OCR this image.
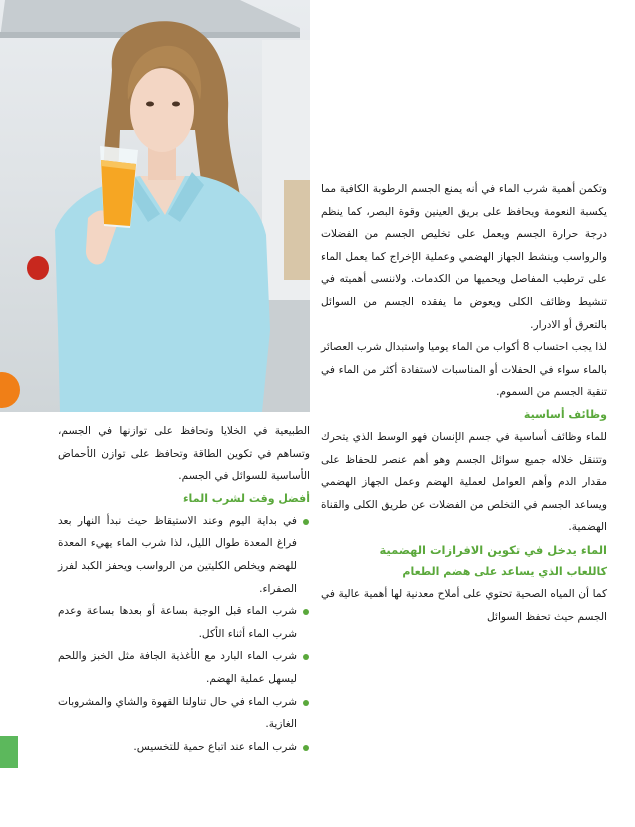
وتكمن أهمية شرب الماء في أنه يمنع الجسم الرطوبة الكافية مما يكسبة النعومة ويحافظ على بريق العينين وقوة البصر، كما ينظم درجة حرارة الجسم ويعمل على تخليص الجسم من الفضلات والرواسب وينشط الجهاز الهضمي وعملية الإخراج كما يعمل الماء على ترطيب المفاصل ويحميها من الكدمات. ولاننسى أهميته في تنشيط وظائف الكلى ويعوض ما يفقده الجسم من السوائل بالتعرق أو الادرار.

لذا يجب احتساب 8 أكواب من الماء يوميا واستبدال شرب العصائر بالماء سواء في الحفلات أو المناسبات لاستفادة أكثر من الماء في تنقية الجسم من السموم.

وظائف أساسية

للماء وظائف أساسية في جسم الإنسان فهو الوسط الذي يتحرك وتتنقل خلاله جميع سوائل الجسم وهو أهم عنصر للحفاظ على مقدار الدم وأهم العوامل لعملية الهضم وعمل الجهاز الهضمي ويساعد الجسم في التخلص من الفضلات عن طريق الكلى والقناة الهضمية.

الماء يدخل في تكوين الافرازات الهضمية
كاللعاب الذي يساعد على هضم الطعام

كما أن المياه الصحية تحتوي على أملاح معدنية لها أهمية عالية في الجسم حيث تحفظ السوائل

الطبيعية في الخلايا وتحافظ على توازنها في الجسم، وتساهم في تكوين الطاقة وتحافظ على توازن الأحماض الأساسية للسوائل في الجسم.

أفضل وقت لشرب الماء
في بداية اليوم وعند الاستيقاظ حيث نبدأ النهار بعد فراغ المعدة طوال الليل، لذا شرب الماء يهيء المعدة للهضم ويخلص الكليتين من الرواسب ويحفز الكبد لفرز الصفراء.
شرب الماء قبل الوجبة بساعة أو بعدها بساعة وعدم شرب الماء أثناء الأكل.
شرب الماء البارد مع الأغذية الجافة مثل الخبز واللحم ليسهل عملية الهضم.
شرب الماء في حال تناولنا القهوة والشاي والمشروبات الغازية.
شرب الماء عند اتباع حمية للتخسيس.
